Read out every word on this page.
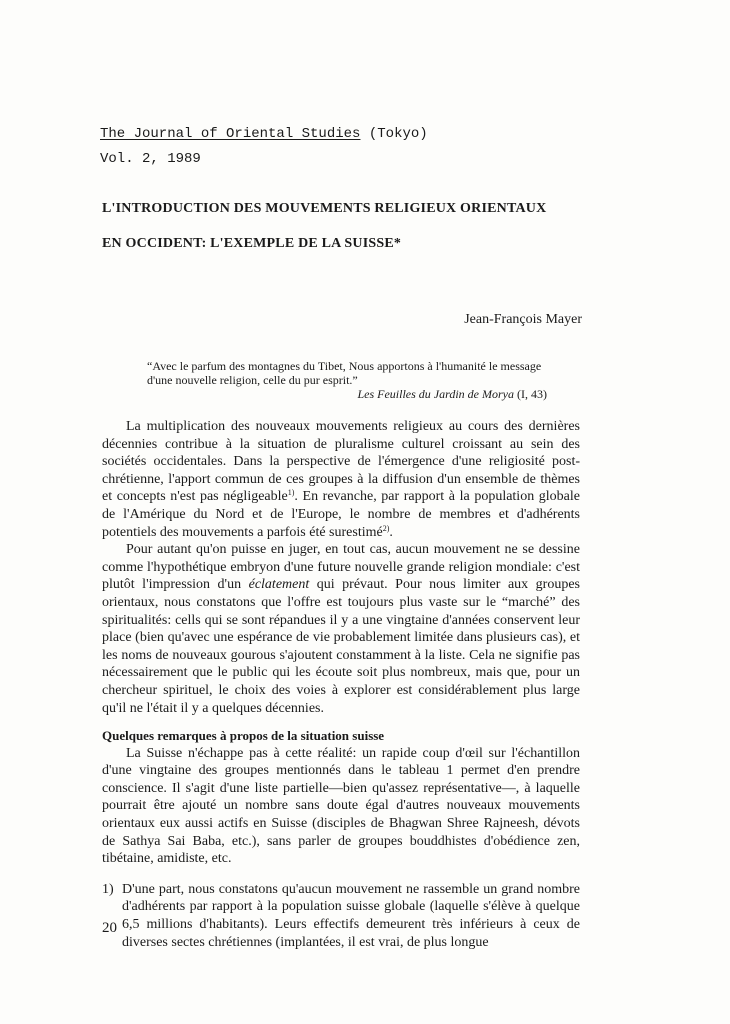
The Journal of Oriental Studies (Tokyo)
Vol. 2, 1989
L'INTRODUCTION DES MOUVEMENTS RELIGIEUX ORIENTAUX
EN OCCIDENT: L'EXEMPLE DE LA SUISSE*
Jean-François Mayer
“Avec le parfum des montagnes du Tibet, Nous apportons à l'humanité le message d'une nouvelle religion, celle du pur esprit.”
Les Feuilles du Jardin de Morya (I, 43)

La multiplication des nouveaux mouvements religieux au cours des dernières décennies contribue à la situation de pluralisme culturel croissant au sein des sociétés occidentales. Dans la perspective de l'émergence d'une religiosité post-chrétienne, l'apport commun de ces groupes à la diffusion d'un ensemble de thèmes et concepts n'est pas négligeable$^{1)}$. En revanche, par rapport à la population globale de l'Amérique du Nord et de l'Europe, le nombre de membres et d'adhérents potentiels des mouvements a parfois été surestimé$^{2)}$.

Pour autant qu'on puisse en juger, en tout cas, aucun mouvement ne se dessine comme l'hypothétique embryon d'une future nouvelle grande religion mondiale: c'est plutôt l'impression d'un éclatement qui prévaut. Pour nous limiter aux groupes orientaux, nous constatons que l'offre est toujours plus vaste sur le “marché” des spiritualités: cells qui se sont répandues il y a une vingtaine d'années conservent leur place (bien qu'avec une espérance de vie probablement limitée dans plusieurs cas), et les noms de nouveaux gourous s'ajoutent constamment à la liste. Cela ne signifie pas nécessairement que le public qui les écoute soit plus nombreux, mais que, pour un chercheur spirituel, le choix des voies à explorer est considérablement plus large qu'il ne l'était il y a quelques décennies.

Quelques remarques à propos de la situation suisse

La Suisse n'échappe pas à cette réalité: un rapide coup d'œil sur l'échantillon d'une vingtaine des groupes mentionnés dans le tableau 1 permet d'en prendre conscience. Il s'agit d'une liste partielle—bien qu'assez représentative—, à laquelle pourrait être ajouté un nombre sans doute égal d'autres nouveaux mouvements orientaux eux aussi actifs en Suisse (disciples de Bhagwan Shree Rajneesh, dévots de Sathya Sai Baba, etc.), sans parler de groupes bouddhistes d'obédience zen, tibétaine, amidiste, etc.

1) D'une part, nous constatons qu'aucun mouvement ne rassemble un grand nombre d'adhérents par rapport à la population suisse globale (laquelle s'élève à quelque 6,5 millions d'habitants). Leurs effectifs demeurent très inférieurs à ceux de diverses sectes chrétiennes (implantées, il est vrai, de plus longue
20
